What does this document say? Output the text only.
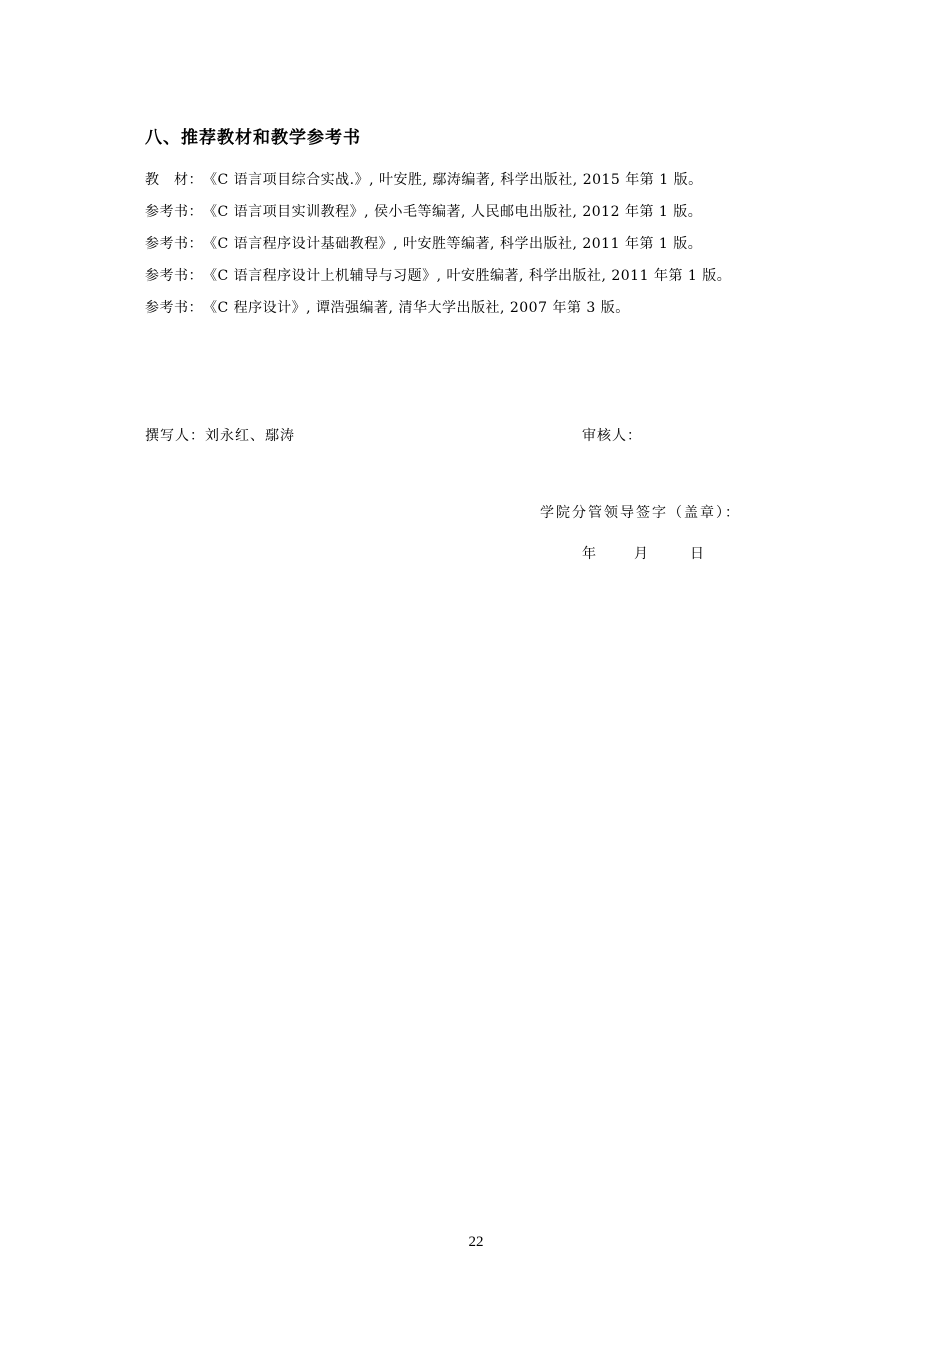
八、推荐教材和教学参考书
教　材：《C 语言项目综合实战.》, 叶安胜, 鄢涛编著, 科学出版社, 2015 年第 1 版。
参考书：《C 语言项目实训教程》, 侯小毛等编著, 人民邮电出版社, 2012 年第 1 版。
参考书：《C 语言程序设计基础教程》, 叶安胜等编著, 科学出版社, 2011 年第 1 版。
参考书：《C 语言程序设计上机辅导与习题》, 叶安胜编著, 科学出版社, 2011 年第 1 版。
参考书：《C 程序设计》, 谭浩强编著, 清华大学出版社, 2007 年第 3 版。
撰写人：刘永红、鄢涛	审核人：
学院分管领导签字（盖章）：
年	月	日
22
